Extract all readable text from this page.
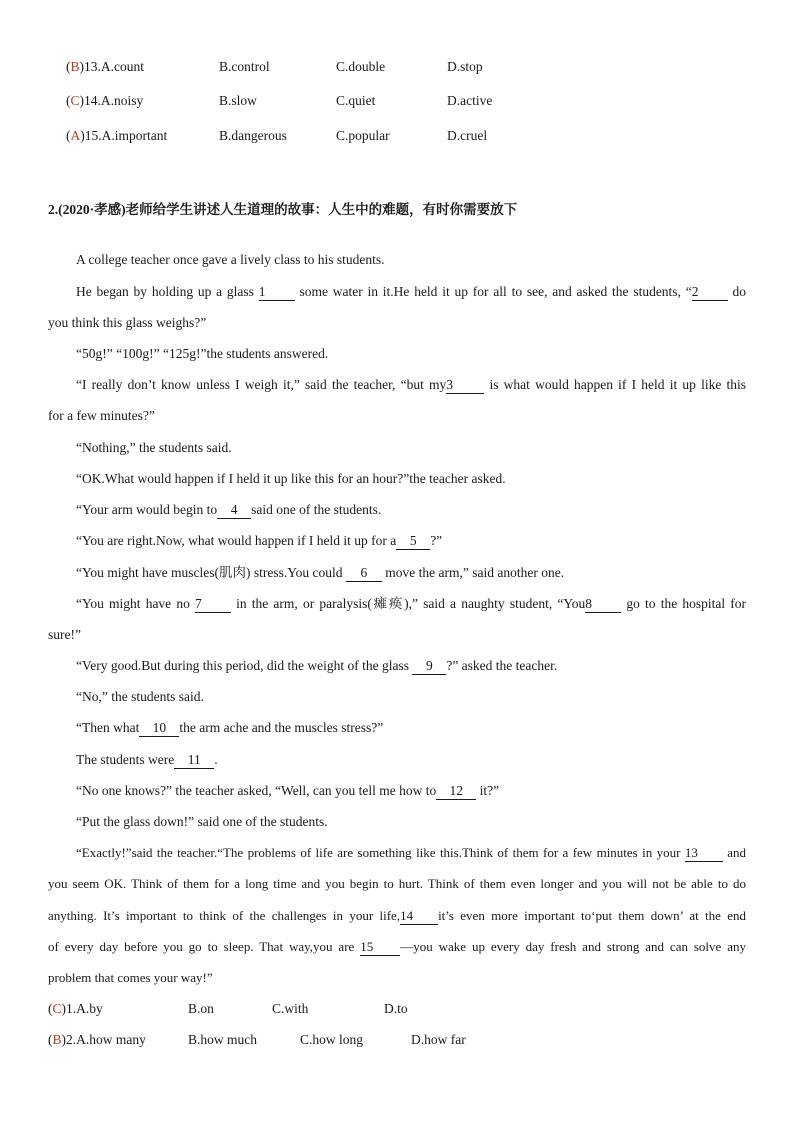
(B)13.A.count	B.control	C.double	D.stop
(C)14.A.noisy	B.slow	C.quiet	D.active
(A)15.A.important	B.dangerous	C.popular	D.cruel
2.(2020·孝感)老师给学生讲述人生道理的故事：人生中的难题，有时你需要放下
A college teacher once gave a lively class to his students.
He began by holding up a glass 1 some water in it.He held it up for all to see, and asked the students, “2 do
you think this glass weighs?”
“50g!” “100g!” “125g!”the students answered.
“I really don’t know unless I weigh it,” said the teacher, “but my3 is what would happen if I held it up like this
for a few minutes?”
“Nothing,” the students said.
“OK.What would happen if I held it up like this for an hour?”the teacher asked.
“Your arm would begin to 4 said one of the students.
“You are right.Now, what would happen if I held it up for a 5 ?”
“You might have muscles(肌肉) stress.You could 6 move the arm,” said another one.
“You might have no 7 in the arm, or paralysis(瘫痪),” said a naughty student, “You8 go to the hospital for
sure!”
“Very good.But during this period, did the weight of the glass 9 ?” asked the teacher.
“No,” the students said.
“Then what 10 the arm ache and the muscles stress?”
The students were 11 .
“No one knows?” the teacher asked, “Well, can you tell me how to 12 it?”
“Put the glass down!” said one of the students.
“Exactly!”said the teacher.“The problems of life are something like this.Think of them for a few minutes in your 13 and
you seem OK. Think of them for a long time and you begin to hurt. Think of them even longer and you will not be able to do
anything. It’s important to think of the challenges in your life,14 it’s even more important to‘put them down’ at the end
of every day before you go to sleep. That way,you are 15 —you wake up every day fresh and strong and can solve any
problem that comes your way!”
(C)1.A.by	B.on	C.with	D.to
(B)2.A.how many	B.how much	C.how long	D.how far
